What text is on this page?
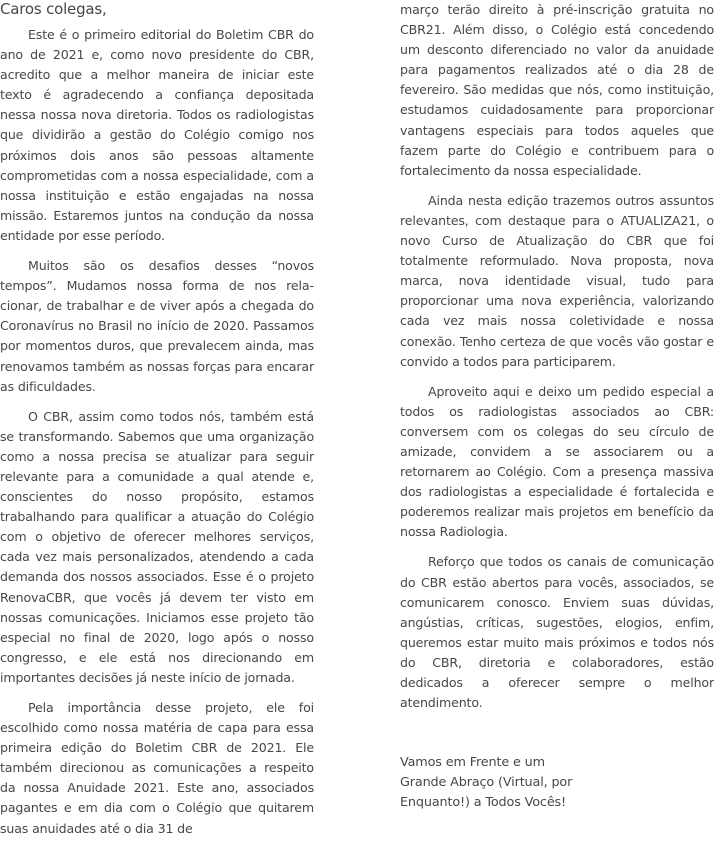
Caros colegas,

Este é o primeiro editorial do Boletim CBR do ano de 2021 e, como novo presidente do CBR, acredito que a melhor maneira de iniciar este texto é agradecendo a confiança depositada nessa nossa nova diretoria. Todos os radiologistas que dividirão a gestão do Colégio comigo nos próximos dois anos são pessoas altamente comprometidas com a nossa especialidade, com a nossa instituição e estão engajadas na nossa missão. Estaremos juntos na condução da nossa entidade por esse período.

Muitos são os desafios desses “novos tempos”. Mudamos nossa forma de nos relacionar, de trabalhar e de viver após a chegada do Coronavírus no Brasil no início de 2020. Passamos por momentos duros, que prevalecem ainda, mas renovamos também as nossas forças para encarar as dificuldades.

O CBR, assim como todos nós, também está se transformando. Sabemos que uma organização como a nossa precisa se atualizar para seguir relevante para a comunidade a qual atende e, conscientes do nosso propósito, estamos trabalhando para qualificar a atuação do Colégio com o objetivo de oferecer melhores serviços, cada vez mais personalizados, atendendo a cada demanda dos nossos associados. Esse é o projeto RenovaCBR, que vocês já devem ter visto em nossas comunicações. Iniciamos esse projeto tão especial no final de 2020, logo após o nosso congresso, e ele está nos direcionando em importantes decisões já neste início de jornada.

Pela importância desse projeto, ele foi escolhido como nossa matéria de capa para essa primeira edição do Boletim CBR de 2021. Ele também direcionou as comunicações a respeito da nossa Anuidade 2021. Este ano, associados pagantes e em dia com o Colégio que quitarem suas anuidades até o dia 31 de

março terão direito à pré-inscrição gratuita no CBR21. Além disso, o Colégio está concedendo um desconto diferenciado no valor da anuidade para pagamentos realizados até o dia 28 de fevereiro. São medidas que nós, como instituição, estudamos cuidadosamente para proporcionar vantagens especiais para todos aqueles que fazem parte do Colégio e contribuem para o fortalecimento da nossa especialidade.

Ainda nesta edição trazemos outros assuntos relevantes, com destaque para o ATUALIZA21, o novo Curso de Atualização do CBR que foi totalmente reformulado. Nova proposta, nova marca, nova identidade visual, tudo para proporcionar uma nova experiência, valorizando cada vez mais nossa coletividade e nossa conexão. Tenho certeza de que vocês vão gostar e convido a todos para participarem.

Aproveito aqui e deixo um pedido especial a todos os radiologistas associados ao CBR: conversem com os colegas do seu círculo de amizade, convidem a se associarem ou a retornarem ao Colégio. Com a presença massiva dos radiologistas a especialidade é fortalecida e poderemos realizar mais projetos em benefício da nossa Radiologia.

Reforço que todos os canais de comunicação do CBR estão abertos para vocês, associados, se comunicarem conosco. Enviem suas dúvidas, angústias, críticas, sugestões, elogios, enfim, queremos estar muito mais próximos e todos nós do CBR, diretoria e colaboradores, estão dedicados a oferecer sempre o melhor atendimento.

Vamos em Frente e um
Grande Abraço (Virtual, por
Enquanto!) a Todos Vocês!
